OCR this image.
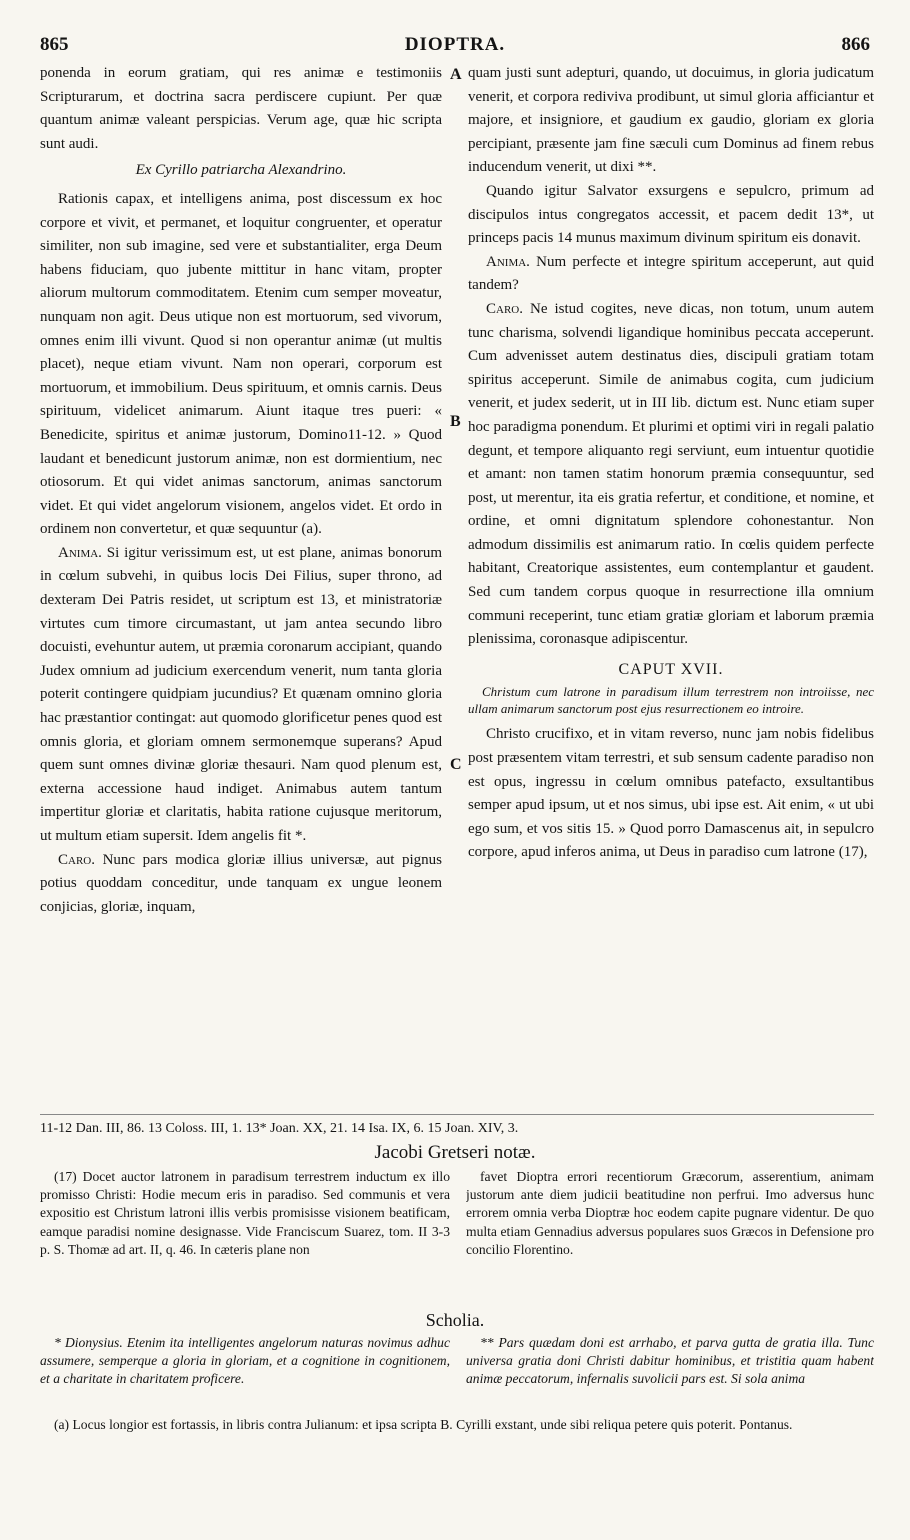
865	DIOPTRA.	866

ponenda in eorum gratiam, qui res animæ e testimoniis Scripturarum, et doctrina sacra perdiscere cupiunt. Per quæ quantum animæ valeant perspicias. Verum age, quæ hic scripta sunt audi.

Ex Cyrillo patriarcha Alexandrino.

Rationis capax, et intelligens anima, post discessum ex hoc corpore et vivit, et permanet, et loquitur congruenter, et operatur similiter, non sub imagine, sed vere et substantialiter, erga Deum habens fiduciam, quo jubente mittitur in hanc vitam, propter aliorum multorum commoditatem. Etenim cum semper moveatur, nunquam non agit. Deus utique non est mortuorum, sed vivorum, omnes enim illi vivunt. Quod si non operantur animæ (ut multis placet), neque etiam vivunt. Nam non operari, corporum est mortuorum, et immobilium. Deus spirituum, et omnis carnis. Deus spirituum, videlicet animarum. Aiunt itaque tres pueri: « Benedicite, spiritus et animæ justorum, Domino11-12. » Quod laudant et benedicunt justorum animæ, non est dormientium, nec otiosorum. Et qui videt animas sanctorum, animas sanctorum videt. Et qui videt angelorum visionem, angelos videt. Et ordo in ordinem non convertetur, et quæ sequuntur (a).

Anima. Si igitur verissimum est, ut est plane, animas bonorum in cœlum subvehi, in quibus locis Dei Filius, super throno, ad dexteram Dei Patris residet, ut scriptum est 13, et ministratoriæ virtutes cum timore circumastant, ut jam antea secundo libro docuisti, evehuntur autem, ut præmia coronarum accipiant, quando Judex omnium ad judicium exercendum venerit, num tanta gloria poterit contingere quidpiam jucundius? Et quænam omnino gloria hac præstantior contingat: aut quomodo glorificetur penes quod est omnis gloria, et gloriam omnem sermonemque superans? Apud quem sunt omnes divinæ gloriæ thesauri. Nam quod plenum est, externa accessione haud indiget. Animabus autem tantum impertitur gloriæ et claritatis, habita ratione cujusque meritorum, ut multum etiam supersit. Idem angelis fit *.

Caro. Nunc pars modica gloriæ illius universæ, aut pignus potius quoddam conceditur, unde tanquam ex ungue leonem conjicias, gloriæ, inquam,

quam justi sunt adepturi, quando, ut docuimus, in gloria judicatum venerit, et corpora rediviva prodibunt, ut simul gloria afficiantur et majore, et insigniore, et gaudium ex gaudio, gloriam ex gloria percipiant, præsente jam fine sæculi cum Dominus ad finem rebus inducendum venerit, ut dixi **.

Quando igitur Salvator exsurgens e sepulcro, primum ad discipulos intus congregatos accessit, et pacem dedit 13*, ut princeps pacis 14 munus maximum divinum spiritum eis donavit.

Anima. Num perfecte et integre spiritum acceperunt, aut quid tandem?

Caro. Ne istud cogites, neve dicas, non totum, unum autem tunc charisma, solvendi ligandique hominibus peccata acceperunt. Cum advenisset autem destinatus dies, discipuli gratiam totam spiritus acceperunt. Simile de animabus cogita, cum judicium venerit, et judex sederit, ut in III lib. dictum est. Nunc etiam super hoc paradigma ponendum. Et plurimi et optimi viri in regali palatio degunt, et tempore aliquanto regi serviunt, eum intuentur quotidie et amant: non tamen statim honorum præmia consequuntur, sed post, ut merentur, ita eis gratia refertur, et conditione, et nomine, et ordine, et omni dignitatum splendore cohonestantur. Non admodum dissimilis est animarum ratio. In cœlis quidem perfecte habitant, Creatorique assistentes, eum contemplantur et gaudent. Sed cum tandem corpus quoque in resurrectione illa omnium communi receperint, tunc etiam gratiæ gloriam et laborum præmia plenissima, coronasque adipiscentur.

CAPUT XVII.

Christum cum latrone in paradisum illum terrestrem non introiisse, nec ullam animarum sanctorum post ejus resurrectionem eo introire.

Christo crucifixo, et in vitam reverso, nunc jam nobis fidelibus post præsentem vitam terrestri, et sub sensum cadente paradiso non est opus, ingressu in cœlum omnibus patefacto, exsultantibus semper apud ipsum, ut et nos simus, ubi ipse est. Ait enim, « ut ubi ego sum, et vos sitis 15. » Quod porro Damascenus ait, in sepulcro corpore, apud inferos anima, ut Deus in paradiso cum latrone (17),

A
B
C
11-12 Dan. III, 86. 13 Coloss. III, 1. 13* Joan. XX, 21. 14 Isa. IX, 6. 15 Joan. XIV, 3.
Jacobi Gretseri notæ.

(17) Docet auctor latronem in paradisum terrestrem inductum ex illo promisso Christi: Hodie mecum eris in paradiso. Sed communis et vera expositio est Christum latroni illis verbis promisisse visionem beatificam, eamque paradisi nomine designasse. Vide Franciscum Suarez, tom. II 3-3 p. S. Thomæ ad art. II, q. 46. In cæteris plane non

favet Dioptra errori recentiorum Græcorum, asserentium, animam justorum ante diem judicii beatitudine non perfrui. Imo adversus hunc errorem omnia verba Dioptræ hoc eodem capite pugnare videntur. De quo multa etiam Gennadius adversus populares suos Græcos in Defensione pro concilio Florentino.

Scholia.

* Dionysius. Etenim ita intelligentes angelorum naturas novimus adhuc assumere, semperque a gloria in gloriam, et a cognitione in cognitionem, et a charitate in charitatem proficere.

** Pars quædam doni est arrhabo, et parva gutta de gratia illa. Tunc universa gratia doni Christi dabitur hominibus, et tristitia quam habent animæ peccatorum, infernalis suvolicii pars est. Si sola anima

(a) Locus longior est fortassis, in libris contra Julianum: et ipsa scripta B. Cyrilli exstant, unde sibi reliqua petere quis poterit. Pontanus.
